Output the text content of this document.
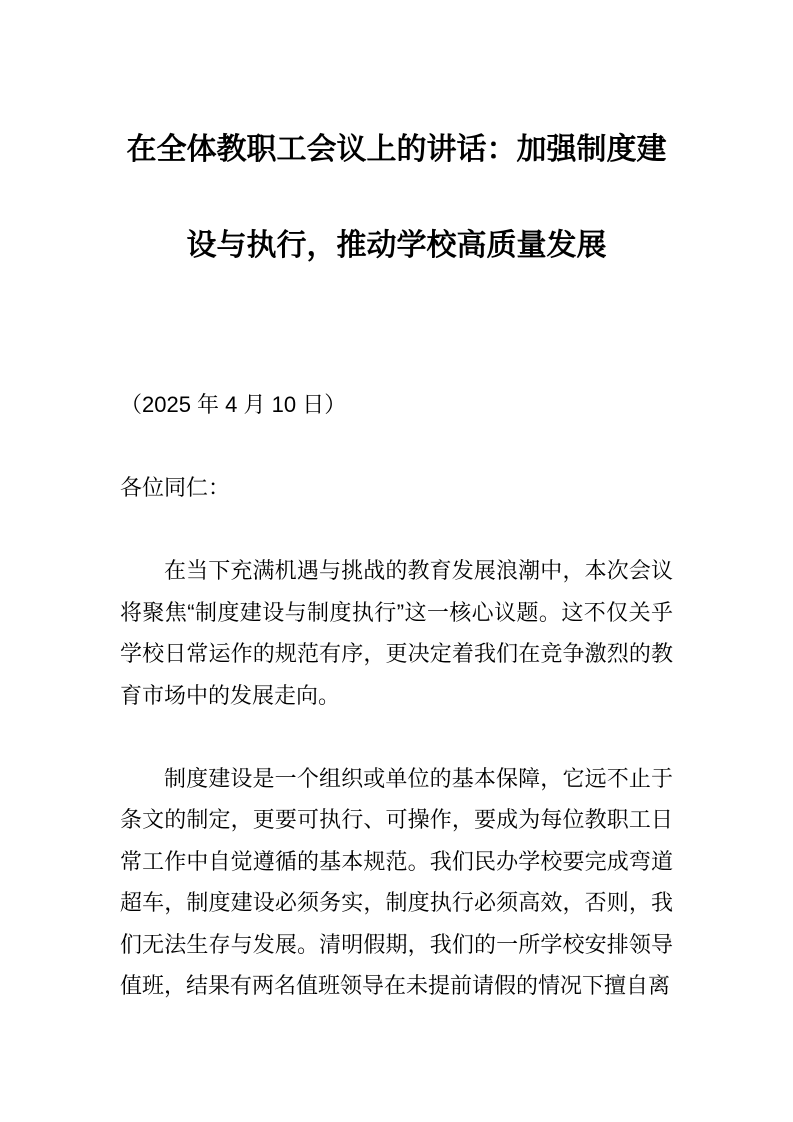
在全体教职工会议上的讲话：加强制度建
设与执行，推动学校高质量发展

（2025 年 4 月 10 日）

各位同仁：

在当下充满机遇与挑战的教育发展浪潮中，本次会议将聚焦“制度建设与制度执行”这一核心议题。这不仅关乎学校日常运作的规范有序，更决定着我们在竞争激烈的教育市场中的发展走向。

制度建设是一个组织或单位的基本保障，它远不止于条文的制定，更要可执行、可操作，要成为每位教职工日常工作中自觉遵循的基本规范。我们民办学校要完成弯道超车，制度建设必须务实，制度执行必须高效，否则，我们无法生存与发展。清明假期，我们的一所学校安排领导值班，结果有两名值班领导在未提前请假的情况下擅自离
